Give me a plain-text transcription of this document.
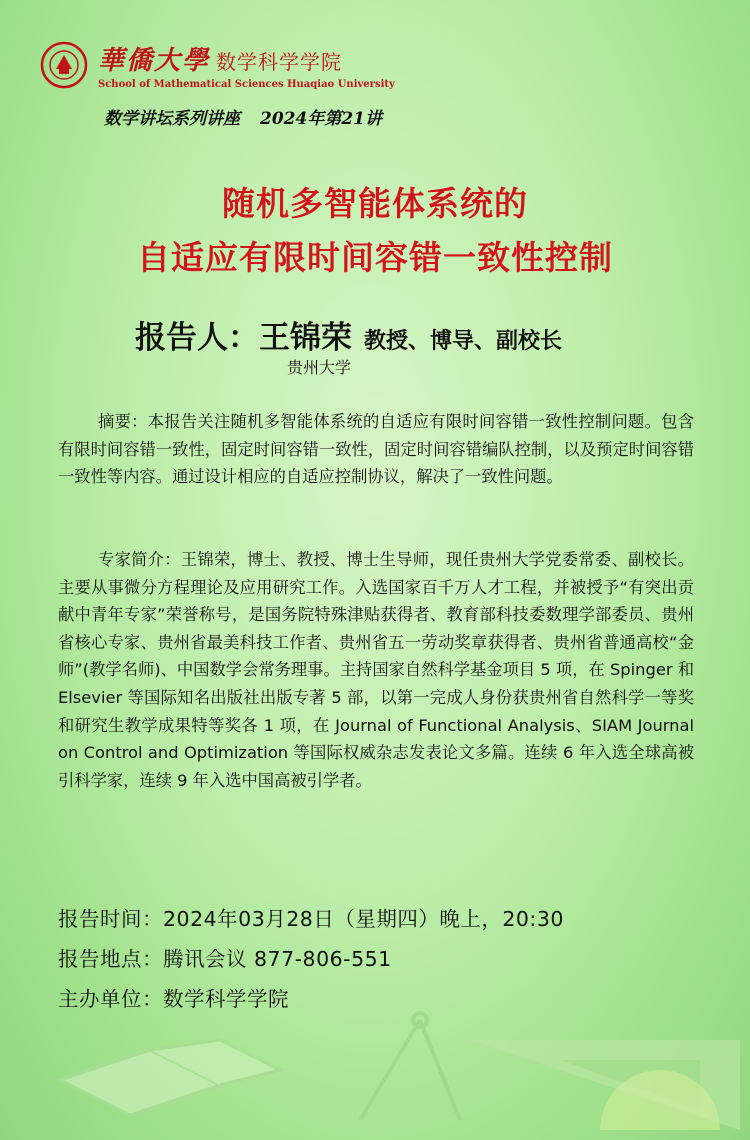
華僑大學 数学科学学院
School of Mathematical Sciences Huaqiao University
数学讲坛系列讲座 2024年第21讲
随机多智能体系统的
自适应有限时间容错一致性控制
报告人：王锦荣 教授、博导、副校长
贵州大学
摘要：本报告关注随机多智能体系统的自适应有限时间容错一致性控制问题。包含有限时间容错一致性，固定时间容错一致性，固定时间容错编队控制，以及预定时间容错一致性等内容。通过设计相应的自适应控制协议，解决了一致性问题。
专家简介：王锦荣，博士、教授、博士生导师，现任贵州大学党委常委、副校长。主要从事微分方程理论及应用研究工作。入选国家百千万人才工程，并被授予“有突出贡献中青年专家”荣誉称号，是国务院特殊津贴获得者、教育部科技委数理学部委员、贵州省核心专家、贵州省最美科技工作者、贵州省五一劳动奖章获得者、贵州省普通高校“金师”(教学名师)、中国数学会常务理事。主持国家自然科学基金项目 5 项，在 Spinger 和 Elsevier 等国际知名出版社出版专著 5 部，以第一完成人身份获贵州省自然科学一等奖和研究生教学成果特等奖各 1 项，在 Journal of Functional Analysis、SIAM Journal on Control and Optimization 等国际权威杂志发表论文多篇。连续 6 年入选全球高被引科学家，连续 9 年入选中国高被引学者。
报告时间：2024年03月28日（星期四）晚上，20:30
报告地点：腾讯会议 877-806-551
主办单位：数学科学学院
